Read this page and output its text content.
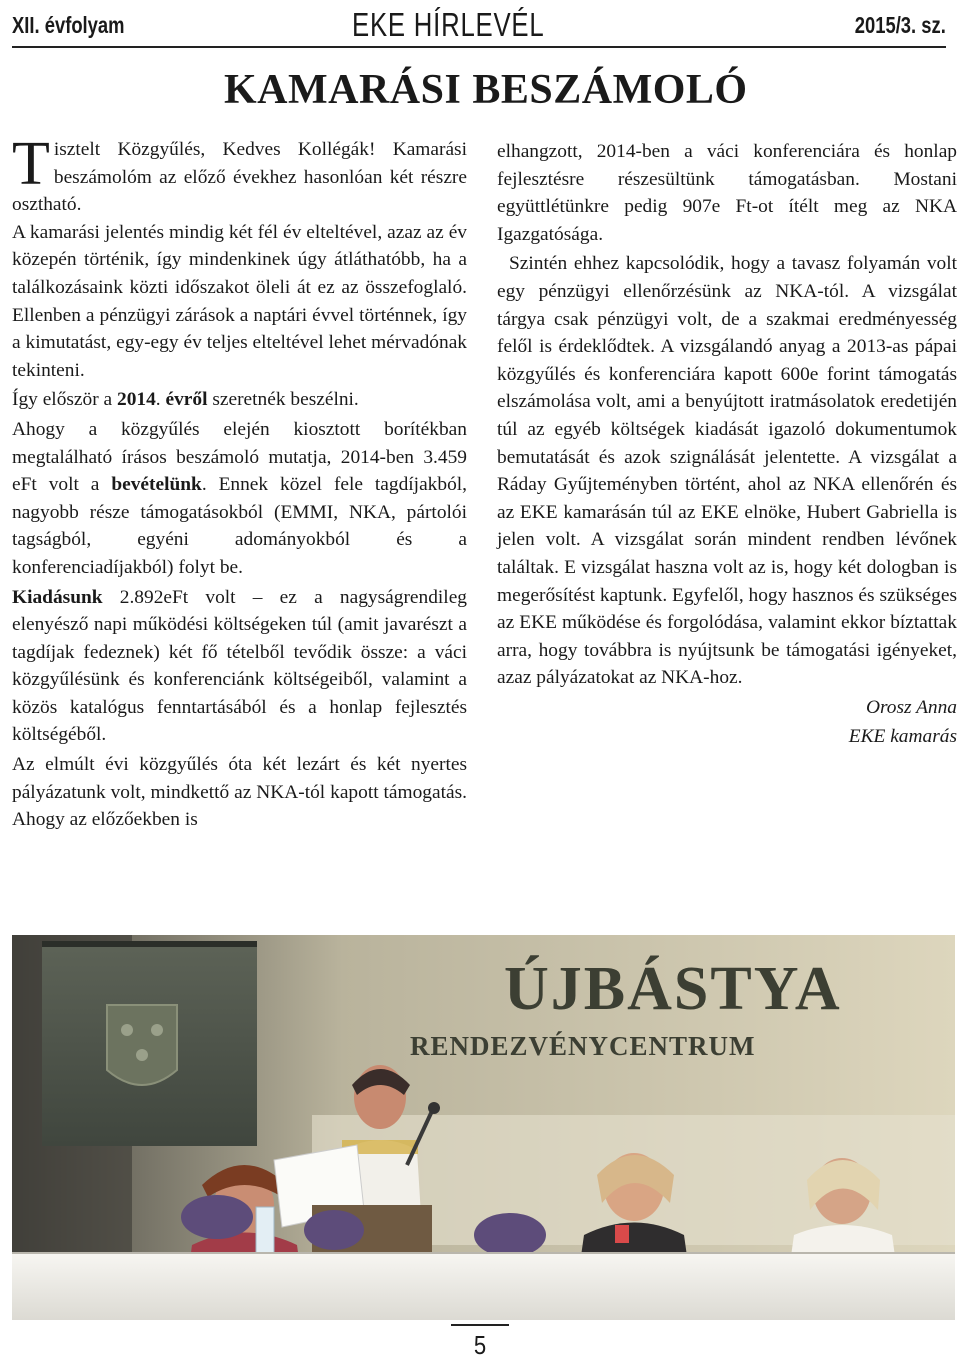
XII. évfolyam	EKE HÍRLEVÉL	2015/3. sz.
KAMARÁSI BESZÁMOLÓ

Tisztelt Közgyűlés, Kedves Kollégák! Kamarási beszámolóm az előző évekhez hasonlóan két részre osztható.

A kamarási jelentés mindig két fél év elteltével, azaz az év közepén történik, így mindenkinek úgy átláthatóbb, ha a találkozásaink közti időszakot öleli át ez az összefoglaló. Ellenben a pénzügyi zárások a naptári évvel történnek, így a kimutatást, egy-egy év teljes elteltével lehet mérvadónak tekinteni.

Így először a 2014. évről szeretnék beszélni.

Ahogy a közgyűlés elején kiosztott borítékban megtalálható írásos beszámoló mutatja, 2014-ben 3.459 eFt volt a bevételünk. Ennek közel fele tagdíjakból, nagyobb része támogatásokból (EMMI, NKA, pártolói tagságból, egyéni adományokból és a konferenciadíjakból) folyt be.

Kiadásunk 2.892eFt volt – ez a nagyságrendileg elenyésző napi működési költségeken túl (amit javarészt a tagdíjak fedeznek) két fő tételből tevődik össze: a váci közgyűlésünk és konferenciánk költségeiből, valamint a közös katalógus fenntartásából és a honlap fejlesztés költségéből.

Az elmúlt évi közgyűlés óta két lezárt és két nyertes pályázatunk volt, mindkettő az NKA-tól kapott támogatás. Ahogy az előzőekben is

elhangzott, 2014-ben a váci konferenciára és honlap fejlesztésre részesültünk támogatásban. Mostani együttlétünkre pedig 907e Ft-ot ítélt meg az NKA Igazgatósága.

Szintén ehhez kapcsolódik, hogy a tavasz folyamán volt egy pénzügyi ellenőrzésünk az NKA-tól. A vizsgálat tárgya csak pénzügyi volt, de a szakmai eredményesség felől is érdeklődtek. A vizsgálandó anyag a 2013-as pápai közgyűlés és konferenciára kapott 600e forint támogatás elszámolása volt, ami a benyújtott iratmásolatok eredetijén túl az egyéb költségek kiadását igazoló dokumentumok bemutatását és azok szignálását jelentette. A vizsgálat a Ráday Gyűjteményben történt, ahol az NKA ellenőrén és az EKE kamarásán túl az EKE elnöke, Hubert Gabriella is jelen volt. A vizsgálat során mindent rendben lévőnek találtak. E vizsgálat haszna volt az is, hogy két dologban is megerősítést kaptunk. Egyfelől, hogy hasznos és szükséges az EKE működése és forgolódása, valamint ekkor bíztattak arra, hogy továbbra is nyújtsunk be támogatási igényeket, azaz pályázatokat az NKA-hoz.

Orosz Anna

EKE kamarás

ÚJBÁSTYA
RENDEZVÉNYCENTRUM
5
